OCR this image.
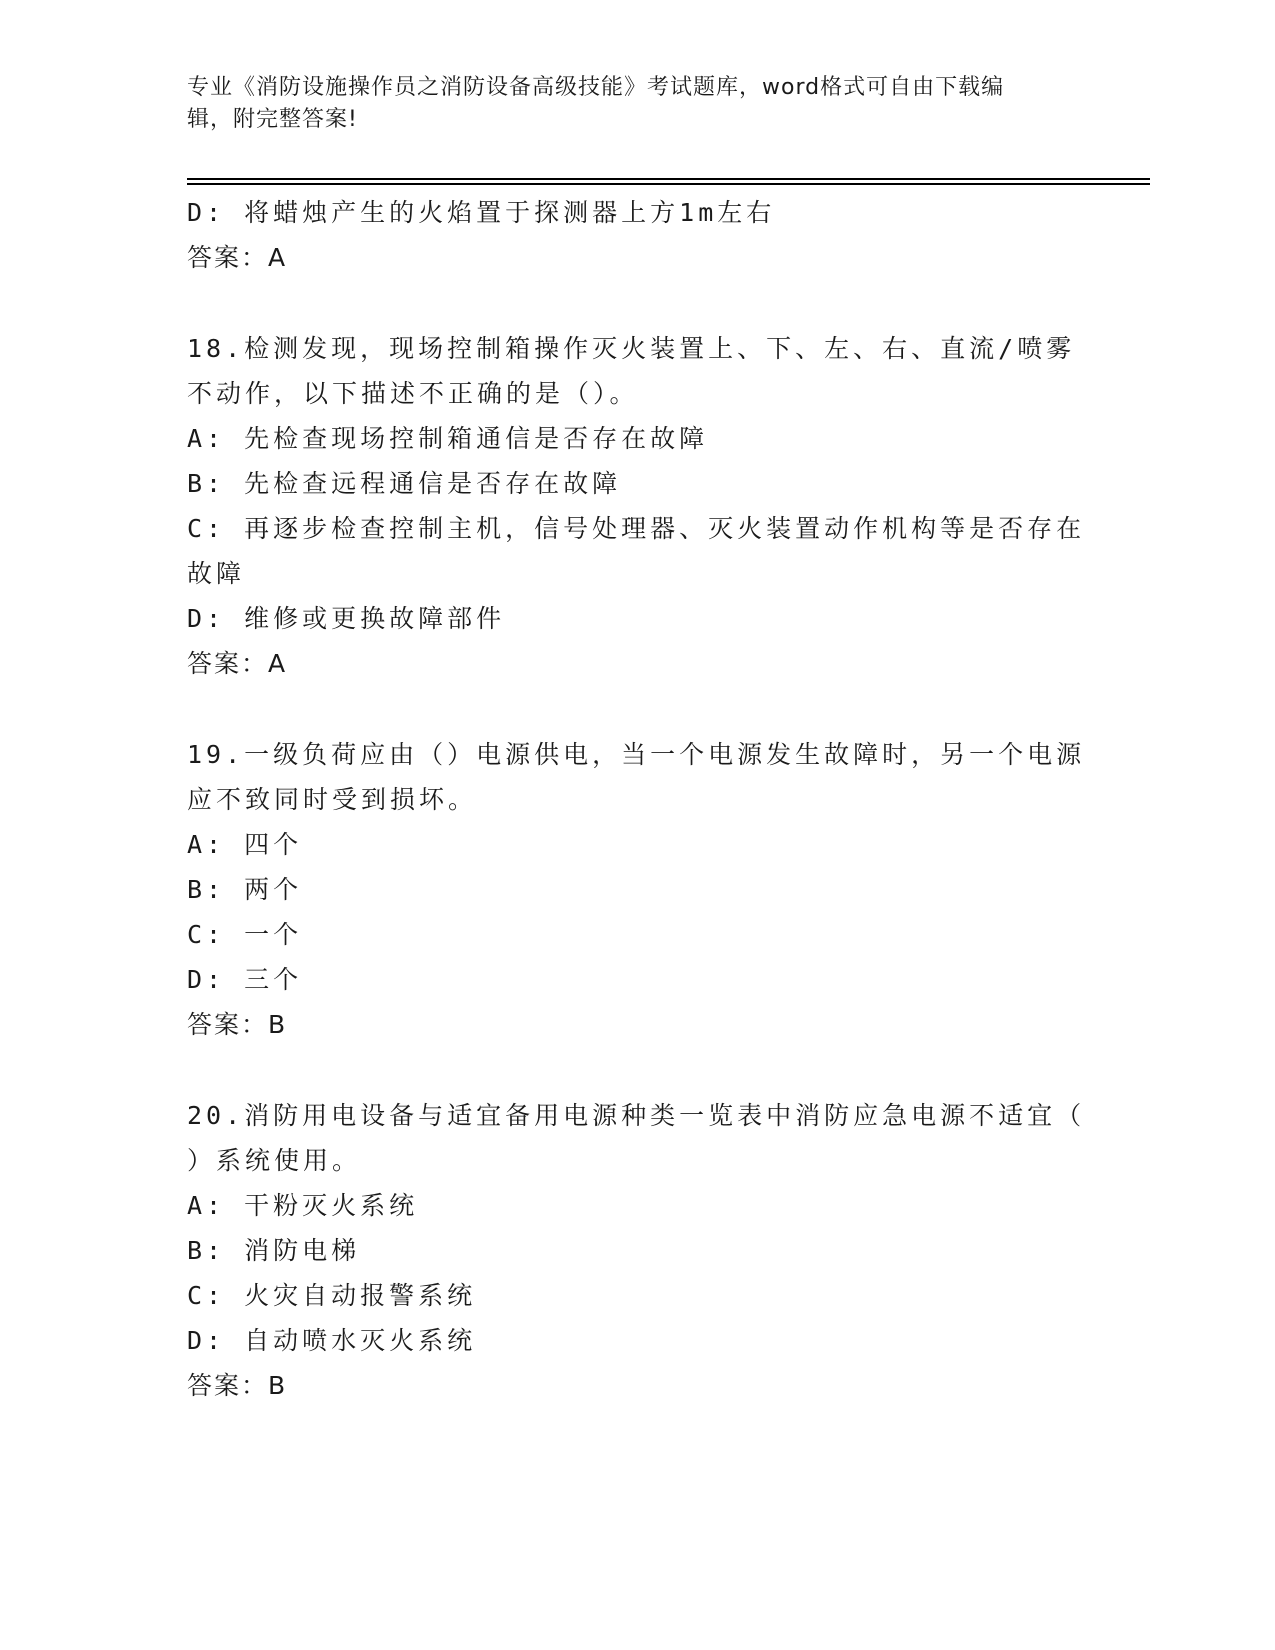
专业《消防设施操作员之消防设备高级技能》考试题库，word格式可自由下载编
辑，附完整答案!
D: 将蜡烛产生的火焰置于探测器上方1m左右
答案：A
18.检测发现，现场控制箱操作灭火装置上、下、左、右、直流/喷雾
不动作，以下描述不正确的是（）。
A: 先检查现场控制箱通信是否存在故障
B: 先检查远程通信是否存在故障
C: 再逐步检查控制主机，信号处理器、灭火装置动作机构等是否存在
故障
D: 维修或更换故障部件
答案：A
19.一级负荷应由（）电源供电，当一个电源发生故障时，另一个电源
应不致同时受到损坏。
A: 四个
B: 两个
C: 一个
D: 三个
答案：B
20.消防用电设备与适宜备用电源种类一览表中消防应急电源不适宜（
）系统使用。
A: 干粉灭火系统
B: 消防电梯
C: 火灾自动报警系统
D: 自动喷水灭火系统
答案：B
